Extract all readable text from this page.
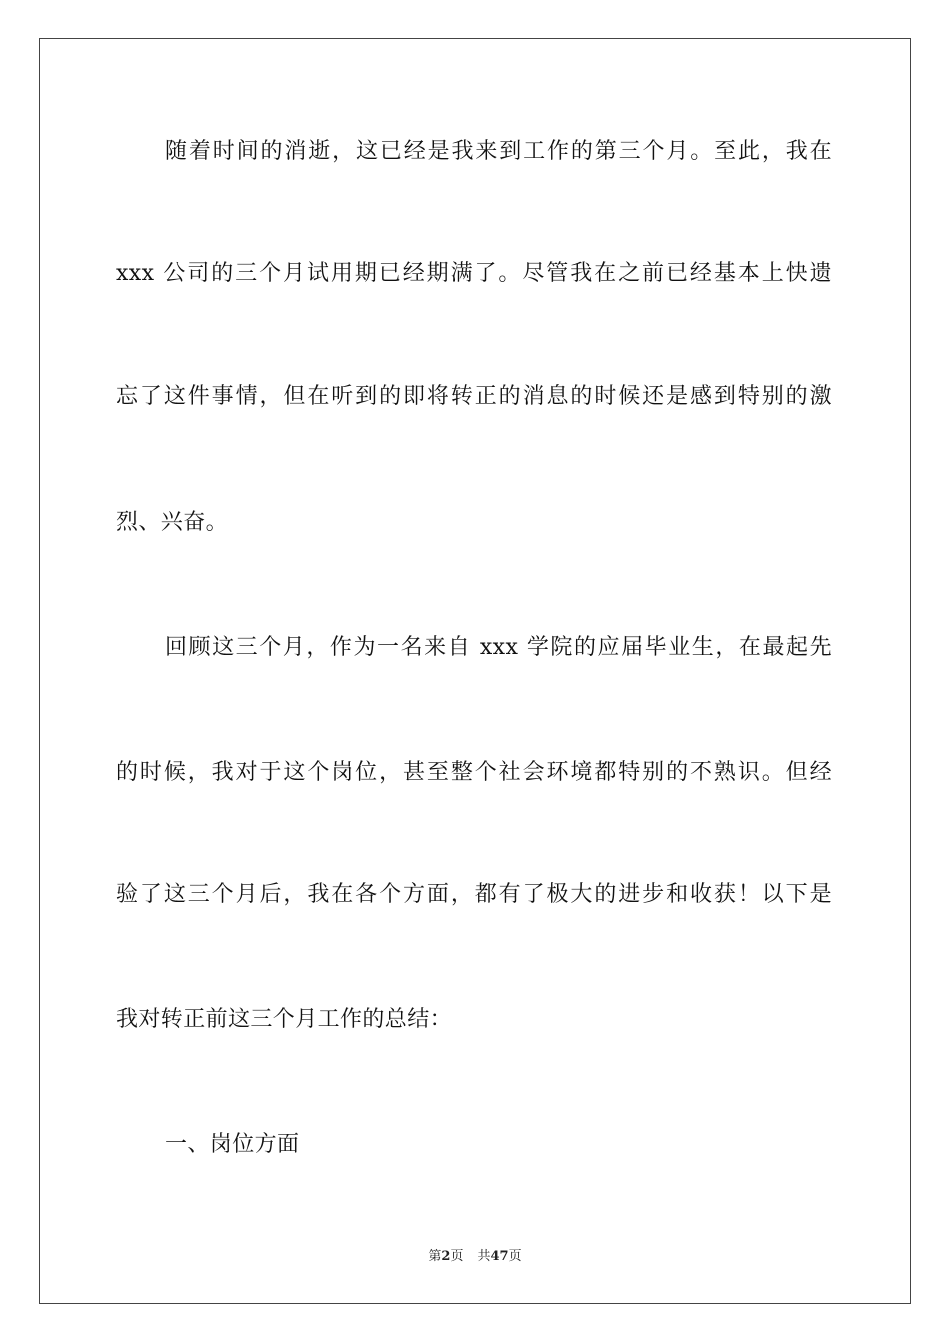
随着时间的消逝，这已经是我来到工作的第三个月。至此，我在
xxx 公司的三个月试用期已经期满了。尽管我在之前已经基本上快遗
忘了这件事情，但在听到的即将转正的消息的时候还是感到特别的激
烈、兴奋。
回顾这三个月，作为一名来自 xxx 学院的应届毕业生，在最起先
的时候，我对于这个岗位，甚至整个社会环境都特别的不熟识。但经
验了这三个月后，我在各个方面，都有了极大的进步和收获！以下是
我对转正前这三个月工作的总结：
一、岗位方面
第2页 共47页
